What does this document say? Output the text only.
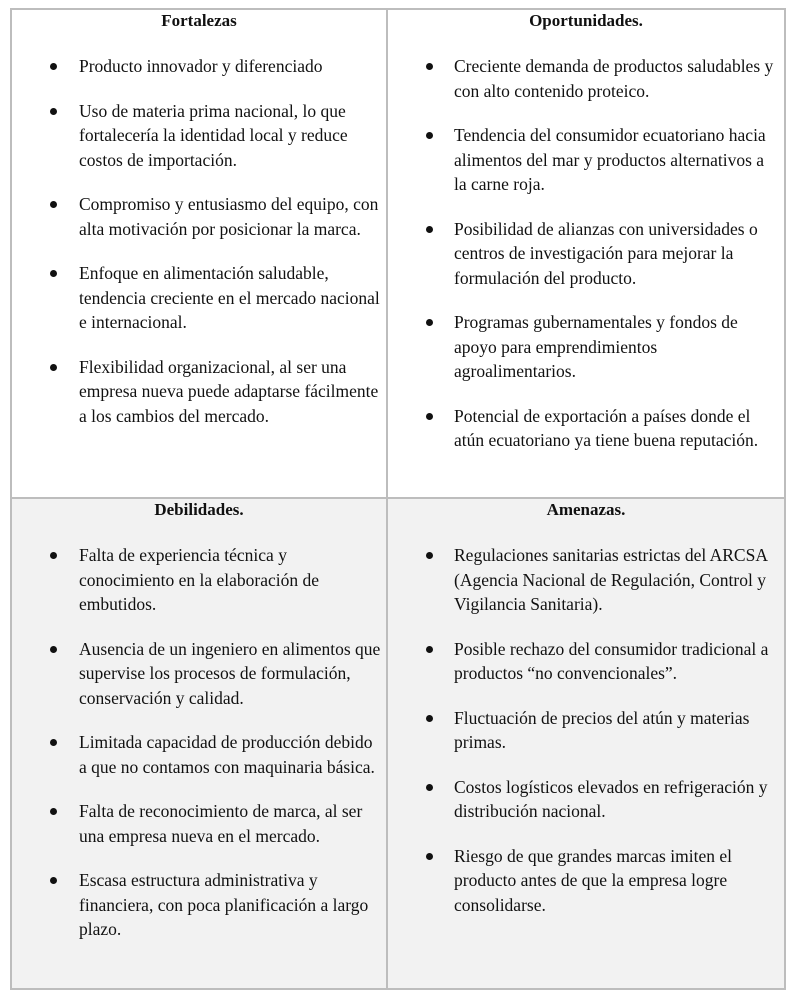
Fortalezas
Producto innovador y diferenciado
Uso de materia prima nacional, lo que fortalecería la identidad local y reduce costos de importación.
Compromiso y entusiasmo del equipo, con alta motivación por posicionar la marca.
Enfoque en alimentación saludable, tendencia creciente en el mercado nacional e internacional.
Flexibilidad organizacional, al ser una empresa nueva puede adaptarse fácilmente a los cambios del mercado.
Oportunidades.
Creciente demanda de productos saludables y con alto contenido proteico.
Tendencia del consumidor ecuatoriano hacia alimentos del mar y productos alternativos a la carne roja.
Posibilidad de alianzas con universidades o centros de investigación para mejorar la formulación del producto.
Programas gubernamentales y fondos de apoyo para emprendimientos agroalimentarios.
Potencial de exportación a países donde el atún ecuatoriano ya tiene buena reputación.
Debilidades.
Falta de experiencia técnica y conocimiento en la elaboración de embutidos.
Ausencia de un ingeniero en alimentos que supervise los procesos de formulación, conservación y calidad.
Limitada capacidad de producción debido a que no contamos con maquinaria básica.
Falta de reconocimiento de marca, al ser una empresa nueva en el mercado.
Escasa estructura administrativa y financiera, con poca planificación a largo plazo.
Amenazas.
Regulaciones sanitarias estrictas del ARCSA (Agencia Nacional de Regulación, Control y Vigilancia Sanitaria).
Posible rechazo del consumidor tradicional a productos “no convencionales”.
Fluctuación de precios del atún y materias primas.
Costos logísticos elevados en refrigeración y distribución nacional.
Riesgo de que grandes marcas imiten el producto antes de que la empresa logre consolidarse.
